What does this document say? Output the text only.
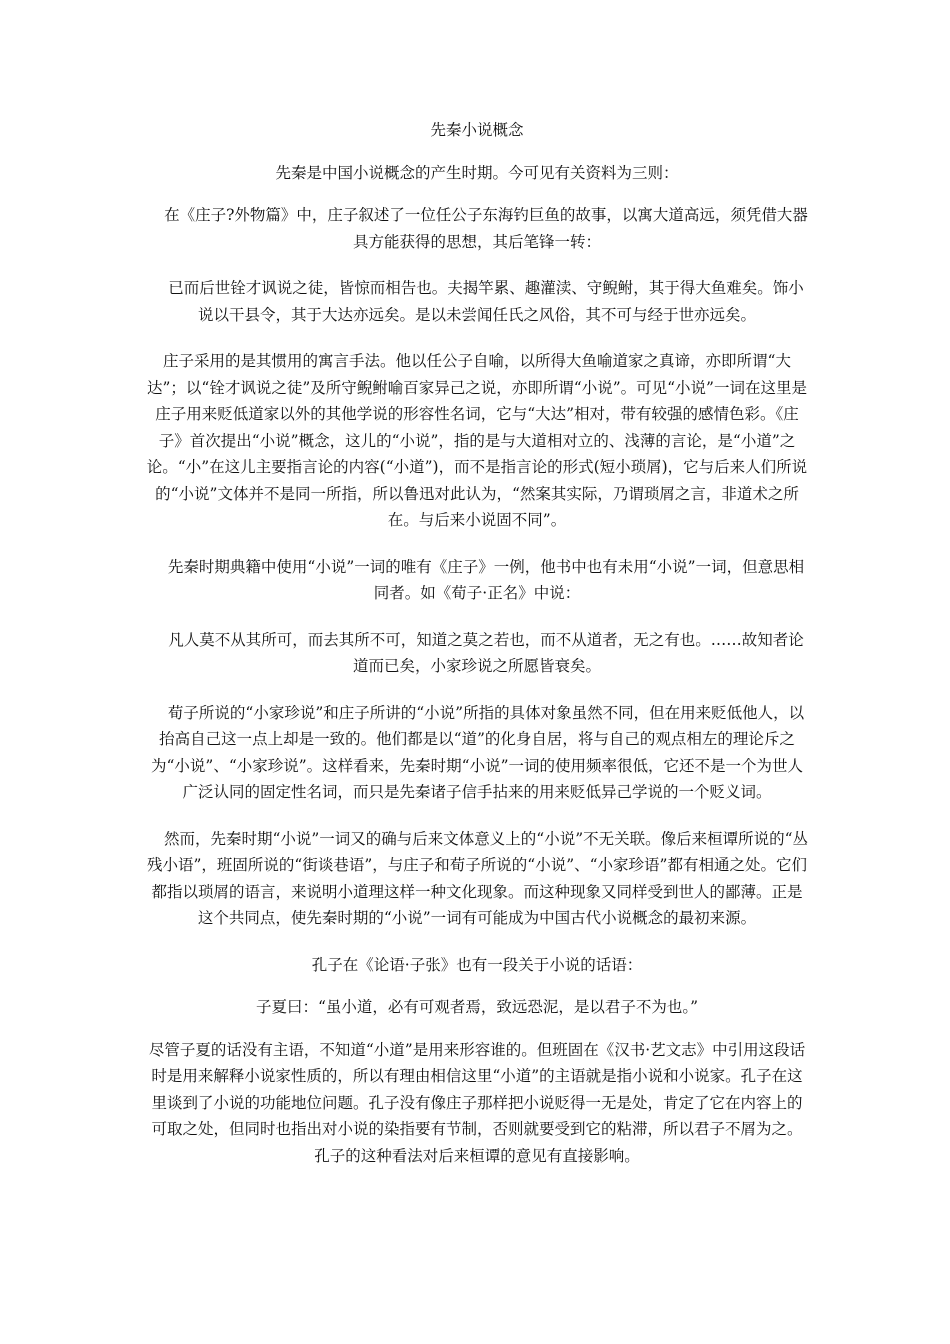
先秦小说概念

先秦是中国小说概念的产生时期。今可见有关资料为三则：

在《庄子?外物篇》中，庄子叙述了一位任公子东海钓巨鱼的故事，以寓大道高远，须凭借大器具方能获得的思想，其后笔锋一转：

已而后世铨才讽说之徒，皆惊而相告也。夫揭竿累、趣灌渎、守鲵鲋，其于得大鱼难矣。饰小说以干县令，其于大达亦远矣。是以未尝闻任氏之风俗，其不可与经于世亦远矣。

庄子采用的是其惯用的寓言手法。他以任公子自喻，以所得大鱼喻道家之真谛，亦即所谓“大达”；以“铨才讽说之徒”及所守鲵鲋喻百家异己之说，亦即所谓“小说”。可见“小说”一词在这里是庄子用来贬低道家以外的其他学说的形容性名词，它与“大达”相对，带有较强的感情色彩。《庄子》首次提出“小说”概念，这儿的“小说”，指的是与大道相对立的、浅薄的言论，是“小道”之论。“小”在这儿主要指言论的内容(“小道”)，而不是指言论的形式(短小琐屑)，它与后来人们所说的“小说”文体并不是同一所指，所以鲁迅对此认为，“然案其实际，乃谓琐屑之言，非道术之所在。与后来小说固不同”。

先秦时期典籍中使用“小说”一词的唯有《庄子》一例，他书中也有未用“小说”一词，但意思相同者。如《荀子·正名》中说：

凡人莫不从其所可，而去其所不可，知道之莫之若也，而不从道者，无之有也。……故知者论道而已矣，小家珍说之所愿皆衰矣。

荀子所说的“小家珍说”和庄子所讲的“小说”所指的具体对象虽然不同，但在用来贬低他人，以抬高自己这一点上却是一致的。他们都是以“道”的化身自居，将与自己的观点相左的理论斥之为“小说”、“小家珍说”。这样看来，先秦时期“小说”一词的使用频率很低，它还不是一个为世人广泛认同的固定性名词，而只是先秦诸子信手拈来的用来贬低异己学说的一个贬义词。

然而，先秦时期“小说”一词又的确与后来文体意义上的“小说”不无关联。像后来桓谭所说的“丛残小语”，班固所说的“街谈巷语”，与庄子和荀子所说的“小说”、“小家珍语”都有相通之处。它们都指以琐屑的语言，来说明小道理这样一种文化现象。而这种现象又同样受到世人的鄙薄。正是这个共同点，使先秦时期的“小说”一词有可能成为中国古代小说概念的最初来源。

孔子在《论语·子张》也有一段关于小说的话语：

子夏曰：“虽小道，必有可观者焉，致远恐泥，是以君子不为也。”

尽管子夏的话没有主语，不知道“小道”是用来形容谁的。但班固在《汉书·艺文志》中引用这段话时是用来解释小说家性质的，所以有理由相信这里“小道”的主语就是指小说和小说家。孔子在这里谈到了小说的功能地位问题。孔子没有像庄子那样把小说贬得一无是处，肯定了它在内容上的可取之处，但同时也指出对小说的染指要有节制，否则就要受到它的粘滞，所以君子不屑为之。孔子的这种看法对后来桓谭的意见有直接影响。
